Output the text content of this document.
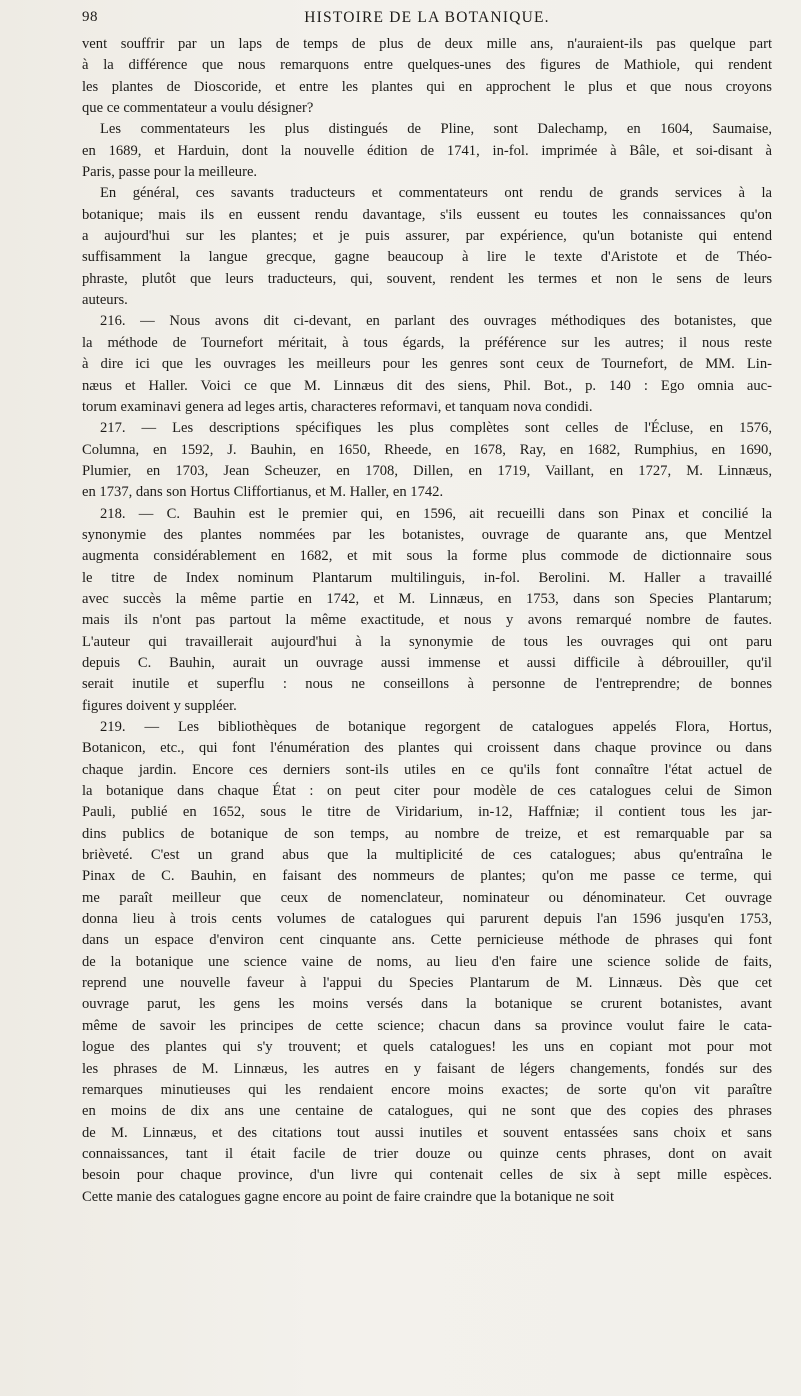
98	HISTOIRE DE LA BOTANIQUE.
vent souffrir par un laps de temps de plus de deux mille ans, n'auraient-ils pas quelque part
à la différence que nous remarquons entre quelques-unes des figures de Mathiole, qui rendent
les plantes de Dioscoride, et entre les plantes qui en approchent le plus et que nous croyons
que ce commentateur a voulu désigner?
Les commentateurs les plus distingués de Pline, sont Dalechamp, en 1604, Saumaise,
en 1689, et Harduin, dont la nouvelle édition de 1741, in-fol. imprimée à Bâle, et soi-disant à
Paris, passe pour la meilleure.
En général, ces savants traducteurs et commentateurs ont rendu de grands services à la
botanique; mais ils en eussent rendu davantage, s'ils eussent eu toutes les connaissances qu'on
a aujourd'hui sur les plantes; et je puis assurer, par expérience, qu'un botaniste qui entend
suffisamment la langue grecque, gagne beaucoup à lire le texte d'Aristote et de Théo-
phraste, plutôt que leurs traducteurs, qui, souvent, rendent les termes et non le sens de leurs
auteurs.
216. — Nous avons dit ci-devant, en parlant des ouvrages méthodiques des botanistes, que
la méthode de Tournefort méritait, à tous égards, la préférence sur les autres; il nous reste
à dire ici que les ouvrages les meilleurs pour les genres sont ceux de Tournefort, de MM. Lin-
næus et Haller. Voici ce que M. Linnæus dit des siens, Phil. Bot., p. 140 : Ego omnia auc-
torum examinavi genera ad leges artis, characteres reformavi, et tanquam nova condidi.
217. — Les descriptions spécifiques les plus complètes sont celles de l'Écluse, en 1576,
Columna, en 1592, J. Bauhin, en 1650, Rheede, en 1678, Ray, en 1682, Rumphius, en 1690,
Plumier, en 1703, Jean Scheuzer, en 1708, Dillen, en 1719, Vaillant, en 1727, M. Linnæus,
en 1737, dans son Hortus Cliffortianus, et M. Haller, en 1742.
218. — C. Bauhin est le premier qui, en 1596, ait recueilli dans son Pinax et concilié la
synonymie des plantes nommées par les botanistes, ouvrage de quarante ans, que Mentzel
augmenta considérablement en 1682, et mit sous la forme plus commode de dictionnaire sous
le titre de Index nominum Plantarum multilinguis, in-fol. Berolini. M. Haller a travaillé
avec succès la même partie en 1742, et M. Linnæus, en 1753, dans son Species Plantarum;
mais ils n'ont pas partout la même exactitude, et nous y avons remarqué nombre de fautes.
L'auteur qui travaillerait aujourd'hui à la synonymie de tous les ouvrages qui ont paru
depuis C. Bauhin, aurait un ouvrage aussi immense et aussi difficile à débrouiller, qu'il
serait inutile et superflu : nous ne conseillons à personne de l'entreprendre; de bonnes
figures doivent y suppléer.
219. — Les bibliothèques de botanique regorgent de catalogues appelés Flora, Hortus,
Botanicon, etc., qui font l'énumération des plantes qui croissent dans chaque province ou dans
chaque jardin. Encore ces derniers sont-ils utiles en ce qu'ils font connaître l'état actuel de
la botanique dans chaque État : on peut citer pour modèle de ces catalogues celui de Simon
Pauli, publié en 1652, sous le titre de Viridarium, in-12, Haffniæ; il contient tous les jar-
dins publics de botanique de son temps, au nombre de treize, et est remarquable par sa
brièveté. C'est un grand abus que la multiplicité de ces catalogues; abus qu'entraîna le
Pinax de C. Bauhin, en faisant des nommeurs de plantes; qu'on me passe ce terme, qui
me paraît meilleur que ceux de nomenclateur, nominateur ou dénominateur. Cet ouvrage
donna lieu à trois cents volumes de catalogues qui parurent depuis l'an 1596 jusqu'en 1753,
dans un espace d'environ cent cinquante ans. Cette pernicieuse méthode de phrases qui font
de la botanique une science vaine de noms, au lieu d'en faire une science solide de faits,
reprend une nouvelle faveur à l'appui du Species Plantarum de M. Linnæus. Dès que cet
ouvrage parut, les gens les moins versés dans la botanique se crurent botanistes, avant
même de savoir les principes de cette science; chacun dans sa province voulut faire le cata-
logue des plantes qui s'y trouvent; et quels catalogues! les uns en copiant mot pour mot
les phrases de M. Linnæus, les autres en y faisant de légers changements, fondés sur des
remarques minutieuses qui les rendaient encore moins exactes; de sorte qu'on vit paraître
en moins de dix ans une centaine de catalogues, qui ne sont que des copies des phrases
de M. Linnæus, et des citations tout aussi inutiles et souvent entassées sans choix et sans
connaissances, tant il était facile de trier douze ou quinze cents phrases, dont on avait
besoin pour chaque province, d'un livre qui contenait celles de six à sept mille espèces.
Cette manie des catalogues gagne encore au point de faire craindre que la botanique ne soit
